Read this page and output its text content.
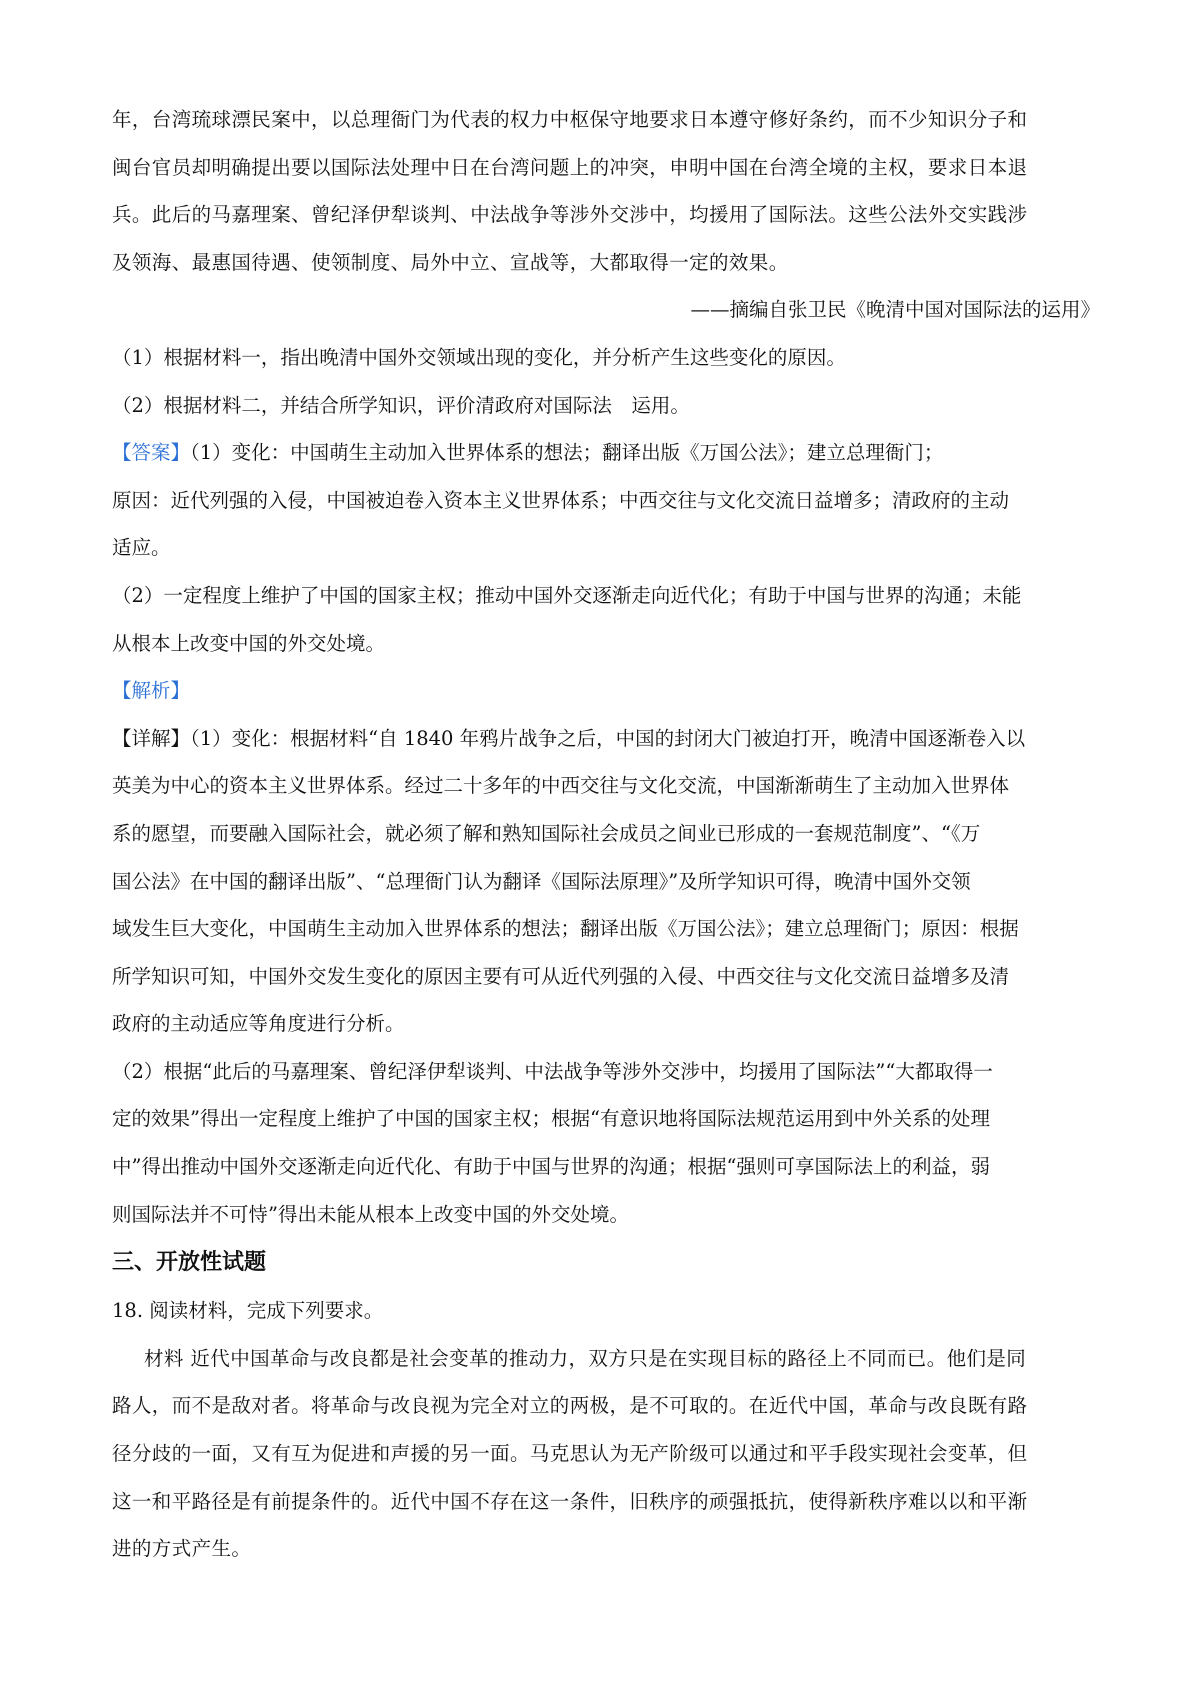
年，台湾琉球漂民案中，以总理衙门为代表的权力中枢保守地要求日本遵守修好条约，而不少知识分子和

闽台官员却明确提出要以国际法处理中日在台湾问题上的冲突，申明中国在台湾全境的主权，要求日本退

兵。此后的马嘉理案、曾纪泽伊犁谈判、中法战争等涉外交涉中，均援用了国际法。这些公法外交实践涉

及领海、最惠国待遇、使领制度、局外中立、宣战等，大都取得一定的效果。

——摘编自张卫民《晚清中国对国际法的运用》

（1）根据材料一，指出晚清中国外交领域出现的变化，并分析产生这些变化的原因。

（2）根据材料二，并结合所学知识，评价清政府对国际法　运用。

【答案】（1）变化：中国萌生主动加入世界体系的想法；翻译出版《万国公法》；建立总理衙门；

原因：近代列强的入侵，中国被迫卷入资本主义世界体系；中西交往与文化交流日益增多；清政府的主动

适应。

（2）一定程度上维护了中国的国家主权；推动中国外交逐渐走向近代化；有助于中国与世界的沟通；未能

从根本上改变中国的外交处境。

【解析】

【详解】（1）变化：根据材料“自 1840 年鸦片战争之后，中国的封闭大门被迫打开，晚清中国逐渐卷入以

英美为中心的资本主义世界体系。经过二十多年的中西交往与文化交流，中国渐渐萌生了主动加入世界体

系的愿望，而要融入国际社会，就必须了解和熟知国际社会成员之间业已形成的一套规范制度”、“《万

国公法》在中国的翻译出版”、“总理衙门认为翻译《国际法原理》”及所学知识可得，晚清中国外交领

域发生巨大变化，中国萌生主动加入世界体系的想法；翻译出版《万国公法》；建立总理衙门；原因：根据

所学知识可知，中国外交发生变化的原因主要有可从近代列强的入侵、中西交往与文化交流日益增多及清

政府的主动适应等角度进行分析。

（2）根据“此后的马嘉理案、曾纪泽伊犁谈判、中法战争等涉外交涉中，均援用了国际法”“大都取得一

定的效果”得出一定程度上维护了中国的国家主权；根据“有意识地将国际法规范运用到中外关系的处理

中”得出推动中国外交逐渐走向近代化、有助于中国与世界的沟通；根据“强则可享国际法上的利益，弱

则国际法并不可恃”得出未能从根本上改变中国的外交处境。

三、开放性试题

18. 阅读材料，完成下列要求。

材料 近代中国革命与改良都是社会变革的推动力，双方只是在实现目标的路径上不同而已。他们是同

路人，而不是敌对者。将革命与改良视为完全对立的两极，是不可取的。在近代中国，革命与改良既有路

径分歧的一面，又有互为促进和声援的另一面。马克思认为无产阶级可以通过和平手段实现社会变革，但

这一和平路径是有前提条件的。近代中国不存在这一条件，旧秩序的顽强抵抗，使得新秩序难以以和平渐

进的方式产生。
